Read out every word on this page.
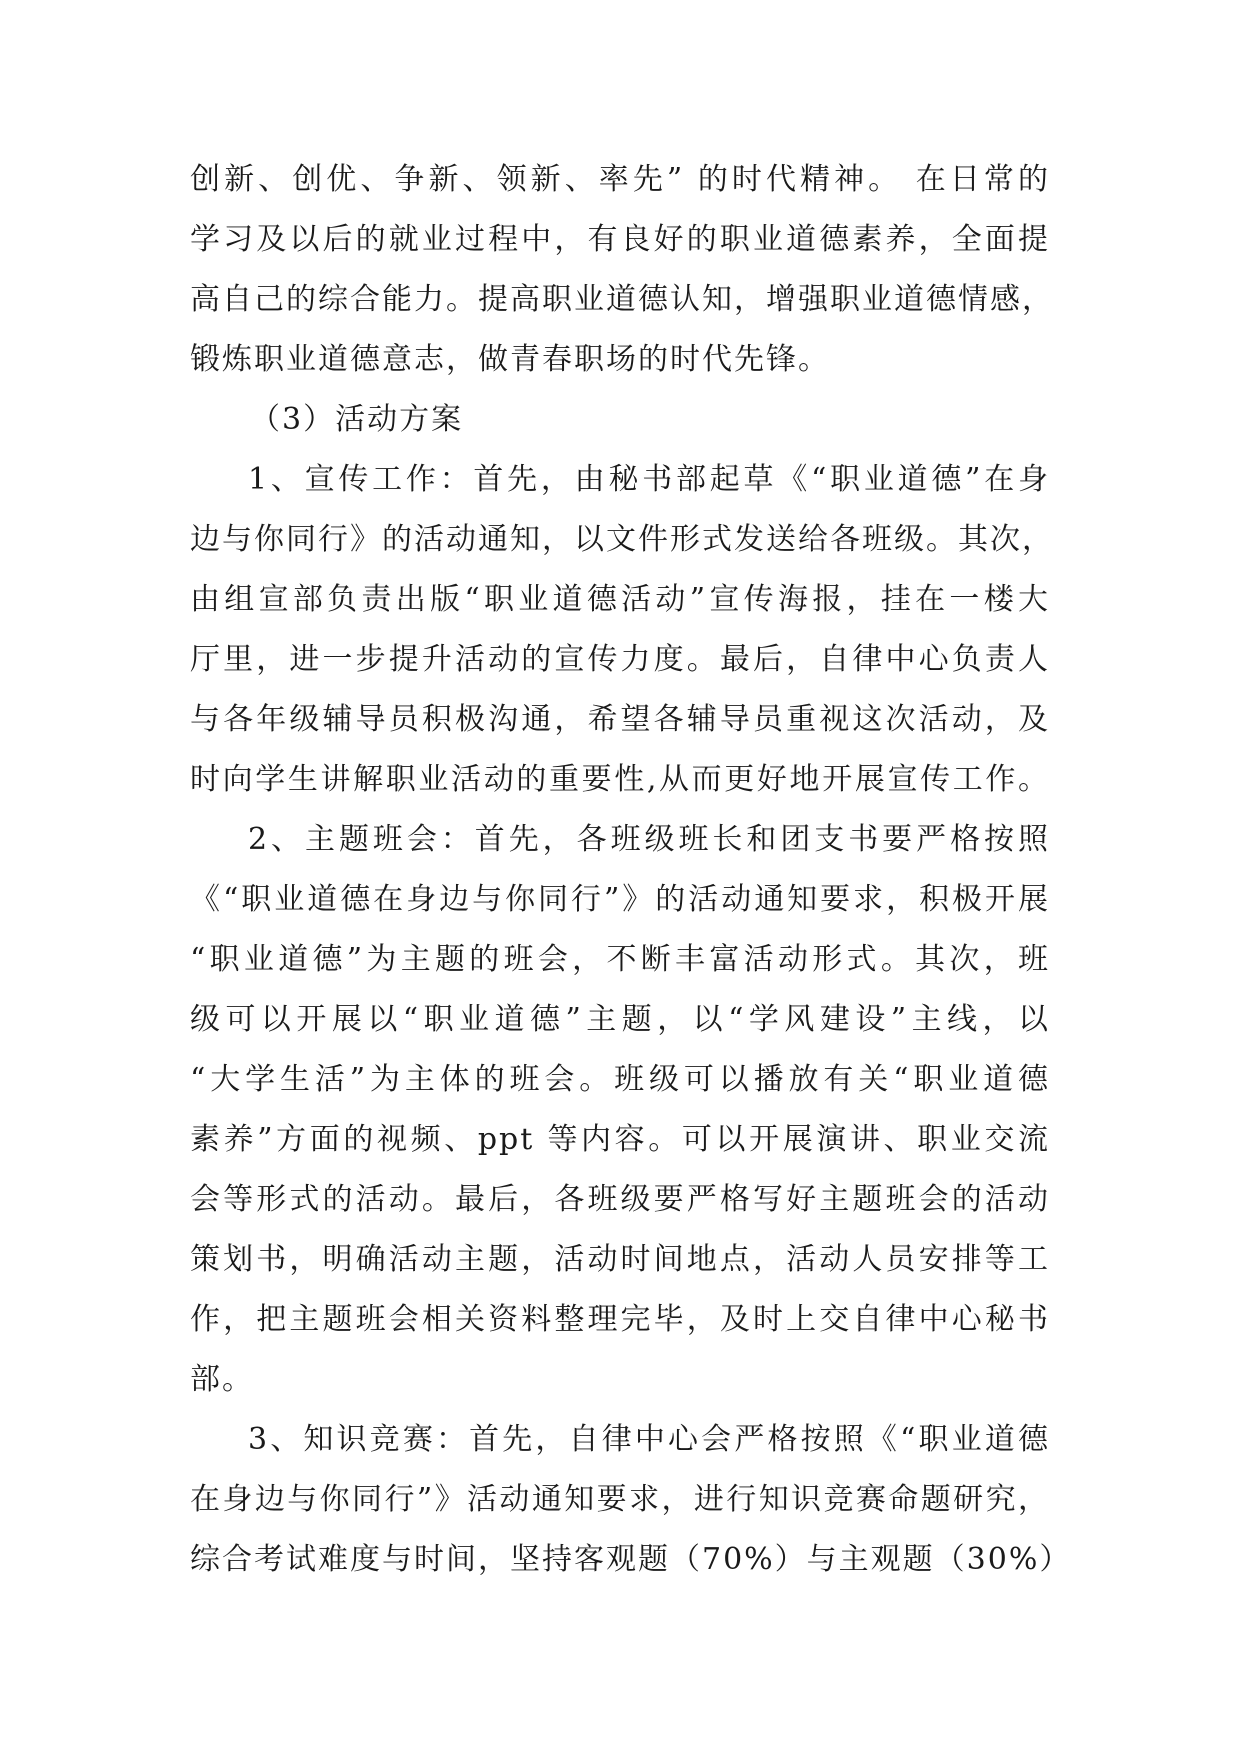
创新、创优、争新、领新、率先” 的时代精神。 在日常的
学习及以后的就业过程中，有良好的职业道德素养，全面提
高自己的综合能力。提高职业道德认知，增强职业道德情感，
锻炼职业道德意志，做青春职场的时代先锋。
（3）活动方案
1、宣传工作：首先，由秘书部起草《“职业道德”在身
边与你同行》的活动通知，以文件形式发送给各班级。其次，
由组宣部负责出版“职业道德活动”宣传海报，挂在一楼大
厅里，进一步提升活动的宣传力度。最后，自律中心负责人
与各年级辅导员积极沟通，希望各辅导员重视这次活动，及
时向学生讲解职业活动的重要性,从而更好地开展宣传工作。
2、主题班会：首先，各班级班长和团支书要严格按照
《“职业道德在身边与你同行”》的活动通知要求，积极开展
“职业道德”为主题的班会，不断丰富活动形式。其次，班
级可以开展以“职业道德”主题，以“学风建设”主线，以
“大学生活”为主体的班会。班级可以播放有关“职业道德
素养”方面的视频、ppt 等内容。可以开展演讲、职业交流
会等形式的活动。最后，各班级要严格写好主题班会的活动
策划书，明确活动主题，活动时间地点，活动人员安排等工
作，把主题班会相关资料整理完毕，及时上交自律中心秘书
部。
3、知识竞赛：首先，自律中心会严格按照《“职业道德
在身边与你同行”》活动通知要求，进行知识竞赛命题研究，
综合考试难度与时间，坚持客观题（70%）与主观题（30%）
